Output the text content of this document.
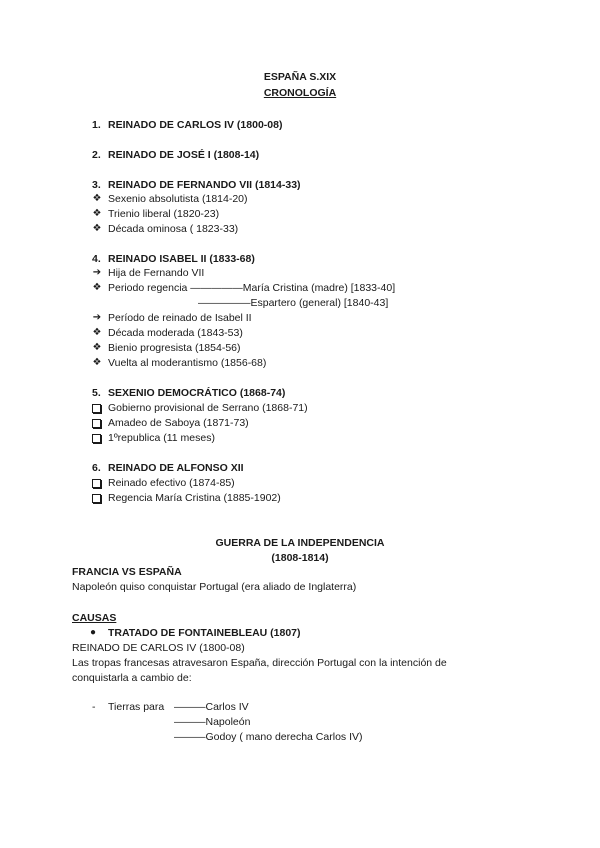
ESPAÑA S.XIX
CRONOLOGÍA
1. REINADO DE CARLOS IV (1800-08)
2. REINADO DE JOSÉ I (1808-14)
3. REINADO DE FERNANDO VII (1814-33)
❖ Sexenio absolutista (1814-20)
❖ Trienio liberal (1820-23)
❖ Década ominosa ( 1823-33)
4. REINADO ISABEL II (1833-68)
➔ Hija de Fernando VII
❖ Periodo regencia —————María Cristina (madre) [1833-40]
—————Espartero (general) [1840-43]
➔ Período de reinado de Isabel II
❖ Década moderada (1843-53)
❖ Bienio progresista (1854-56)
❖ Vuelta al moderantismo (1856-68)
5. SEXENIO DEMOCRÁTICO (1868-74)
Gobierno provisional de Serrano (1868-71)
Amadeo de Saboya (1871-73)
1ºrepublica (11 meses)
6. REINADO DE ALFONSO XII
Reinado efectivo (1874-85)
Regencia María Cristina (1885-1902)
GUERRA DE LA INDEPENDENCIA
(1808-1814)
FRANCIA VS ESPAÑA
Napoleón quiso conquistar Portugal (era aliado de Inglaterra)
CAUSAS
● TRATADO DE FONTAINEBLEAU (1807)
REINADO DE CARLOS IV (1800-08)
Las tropas francesas atravesaron España, dirección Portugal con la intención de
conquistarla a cambio de:
- Tierras para ———Carlos IV
———Napoleón
———Godoy ( mano derecha Carlos IV)
